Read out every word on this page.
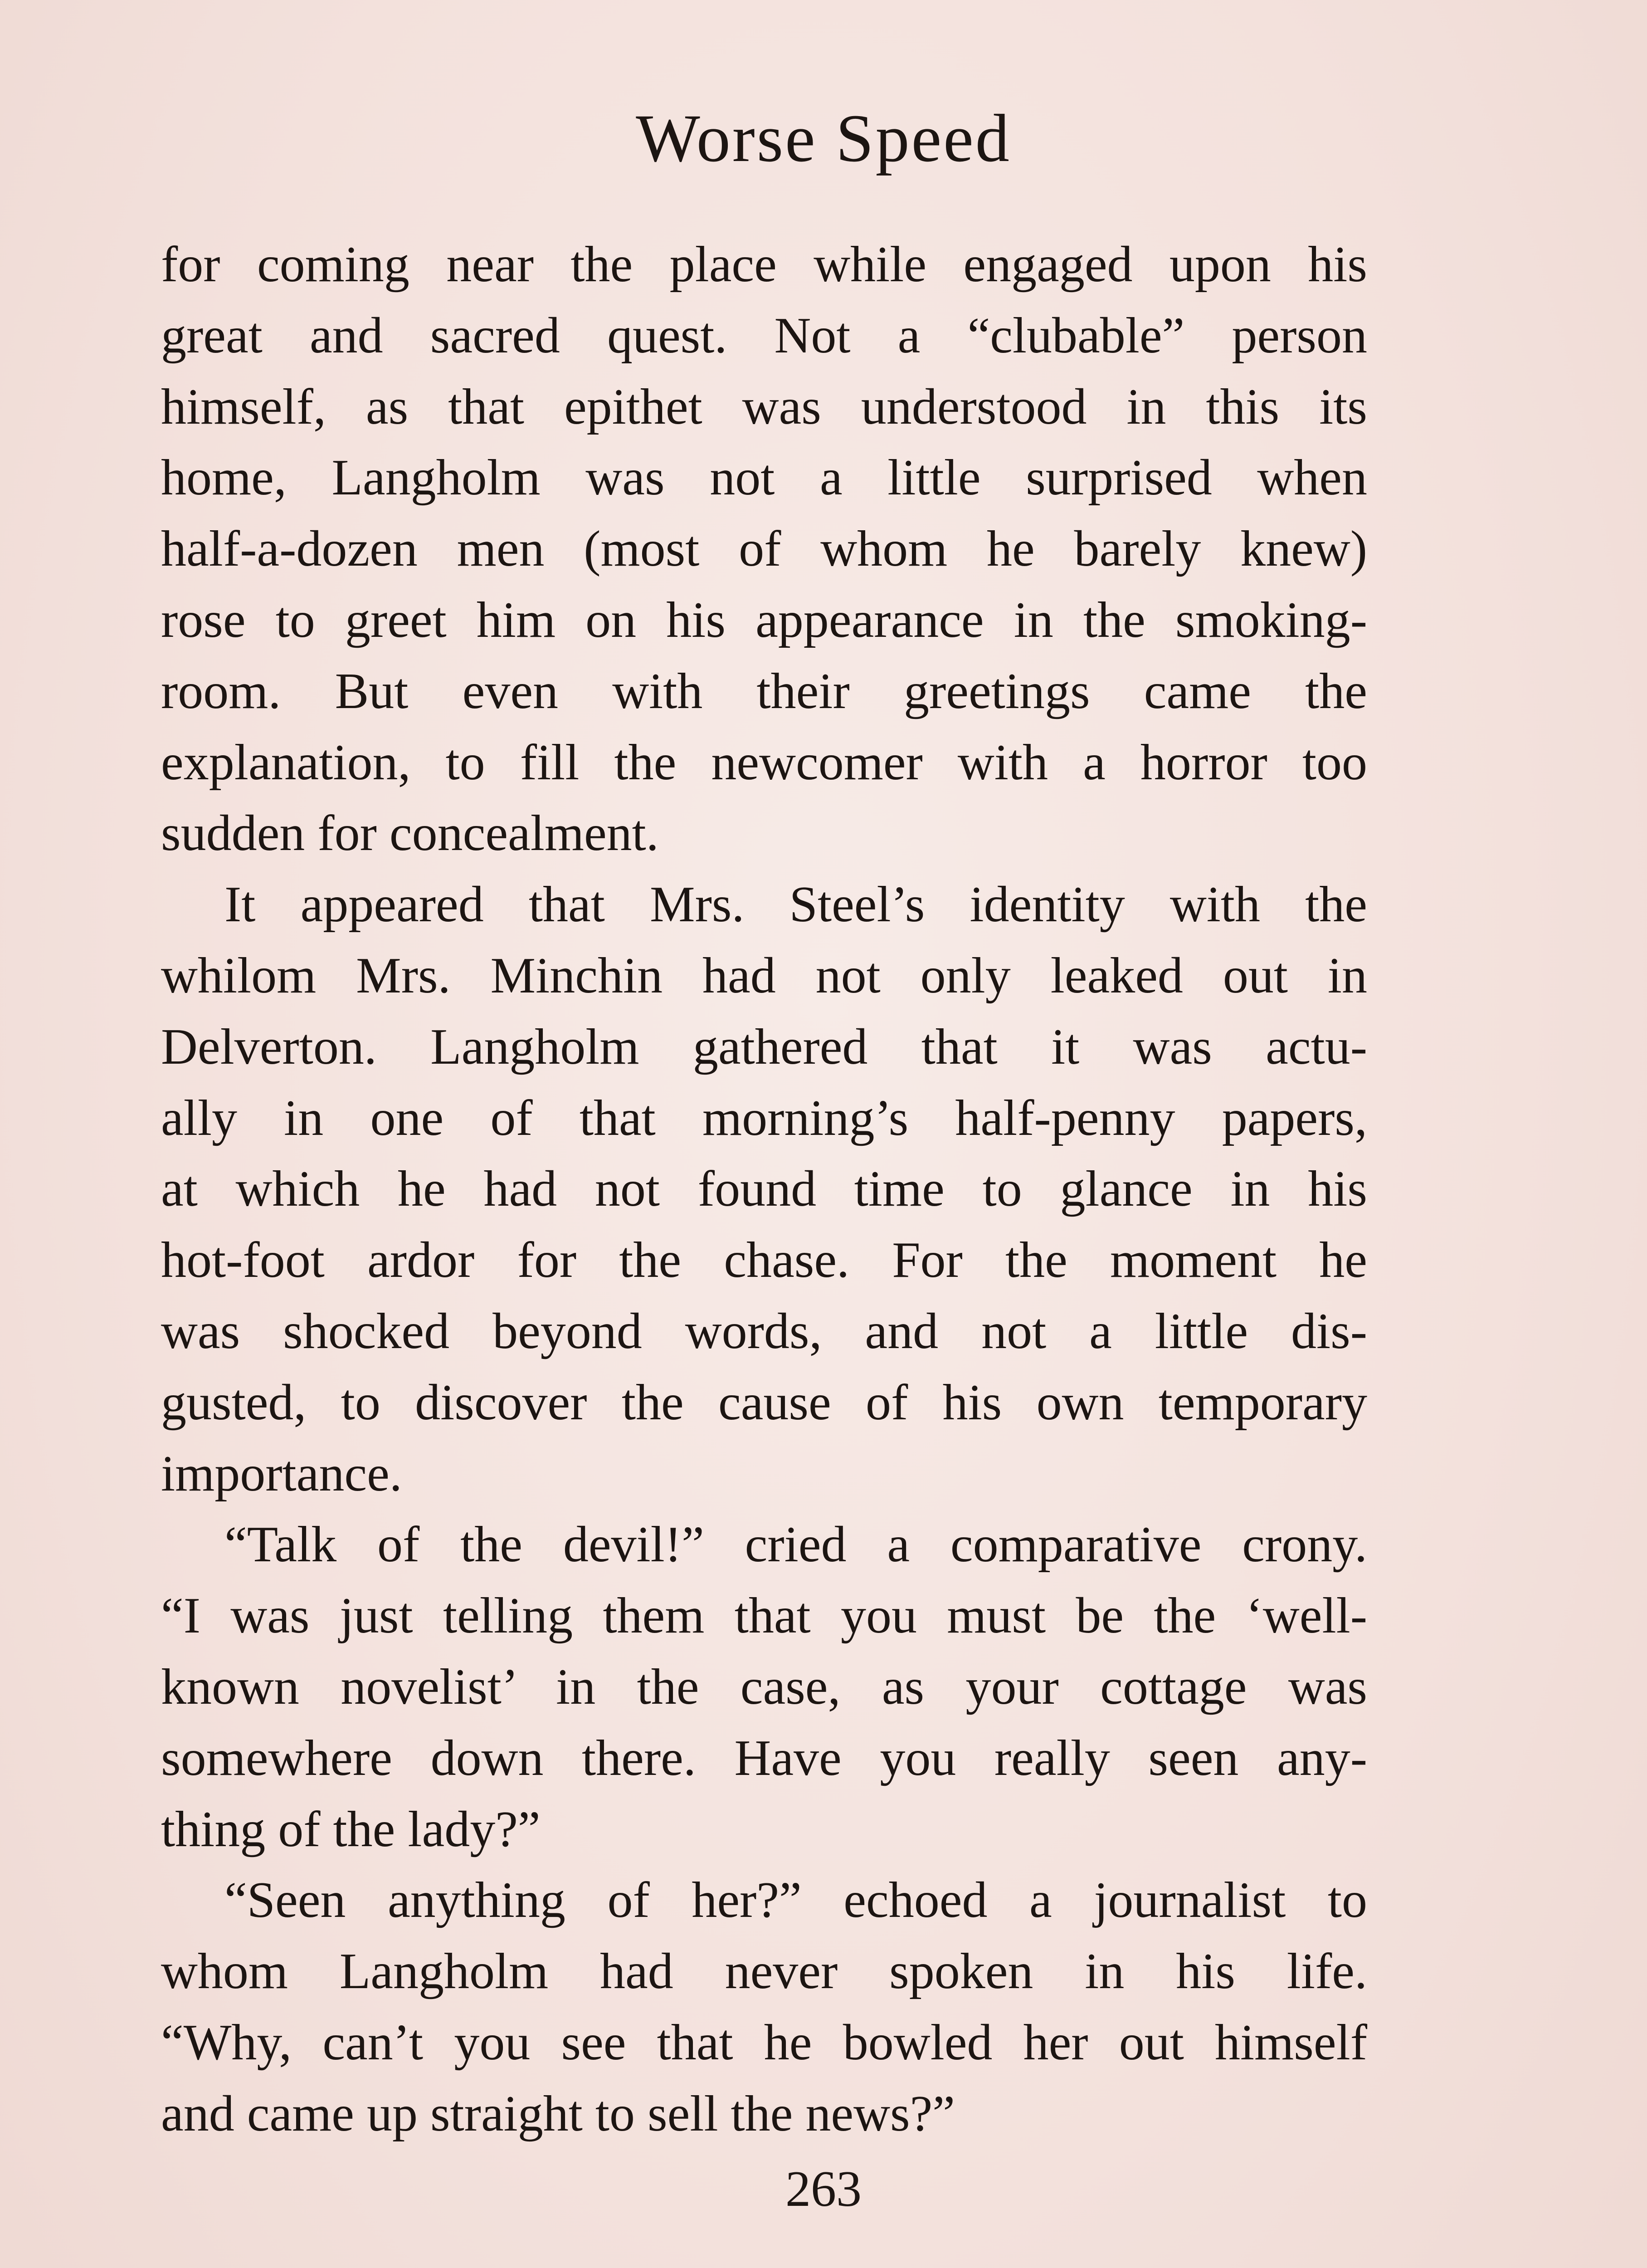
Worse Speed
for coming near the place while engaged upon his
great and sacred quest. Not a “clubable” person
himself, as that epithet was understood in this its
home, Langholm was not a little surprised when
half-a-dozen men (most of whom he barely knew)
rose to greet him on his appearance in the smoking-
room. But even with their greetings came the
explanation, to fill the newcomer with a horror too
sudden for concealment.
It appeared that Mrs. Steel’s identity with the
whilom Mrs. Minchin had not only leaked out in
Delverton. Langholm gathered that it was actu-
ally in one of that morning’s half-penny papers,
at which he had not found time to glance in his
hot-foot ardor for the chase. For the moment he
was shocked beyond words, and not a little dis-
gusted, to discover the cause of his own temporary
importance.
“Talk of the devil!” cried a comparative crony.
“I was just telling them that you must be the ‘well-
known novelist’ in the case, as your cottage was
somewhere down there. Have you really seen any-
thing of the lady?”
“Seen anything of her?” echoed a journalist to
whom Langholm had never spoken in his life.
“Why, can’t you see that he bowled her out himself
and came up straight to sell the news?”
263
